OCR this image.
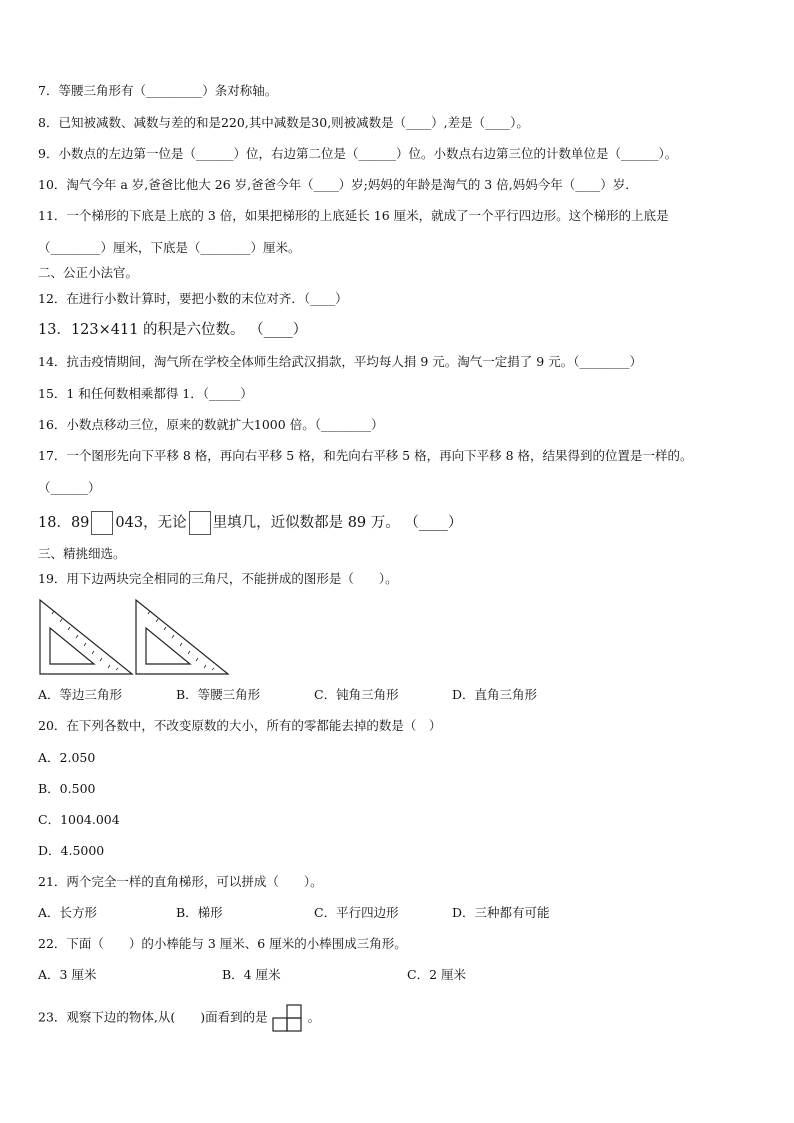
7．等腰三角形有（_________）条对称轴。
8．已知被减数、减数与差的和是220,其中减数是30,则被减数是（____）,差是（____）。
9．小数点的左边第一位是（______）位，右边第二位是（______）位。小数点右边第三位的计数单位是（______）。
10．淘气今年 a 岁,爸爸比他大 26 岁,爸爸今年（____）岁;妈妈的年龄是淘气的 3 倍,妈妈今年（____）岁．
11．一个梯形的下底是上底的 3 倍，如果把梯形的上底延长 16 厘米，就成了一个平行四边形。这个梯形的上底是
（________）厘米，下底是（________）厘米。
二、公正小法官。
12．在进行小数计算时，要把小数的末位对齐．（____）
13．123×411 的积是六位数。 （____）
14．抗击疫情期间，淘气所在学校全体师生给武汉捐款，平均每人捐 9 元。淘气一定捐了 9 元。（________）
15．1 和任何数相乘都得 1．（_____）
16．小数点移动三位，原来的数就扩大1000 倍。（________）
17．一个图形先向下平移 8 格，再向右平移 5 格，和先向右平移 5 格，再向下平移 8 格，结果得到的位置是一样的。
（______）
18．89 043，无论 里填几，近似数都是 89 万。 （____）
三、精挑细选。
19．用下边两块完全相同的三角尺，不能拼成的图形是（　　）。
A．等边三角形	B．等腰三角形	C．钝角三角形	D．直角三角形
20．在下列各数中，不改变原数的大小，所有的零都能去掉的数是（　）
A．2.050
B．0.500
C．1004.004
D．4.5000
21．两个完全一样的直角梯形，可以拼成（　　）。
A．长方形	B．梯形	C．平行四边形	D．三种都有可能
22．下面（　　）的小棒能与 3 厘米、6 厘米的小棒围成三角形。
A．3 厘米	B．4 厘米	C．2 厘米
23．观察下边的物体,从(　　)面看到的是	。
